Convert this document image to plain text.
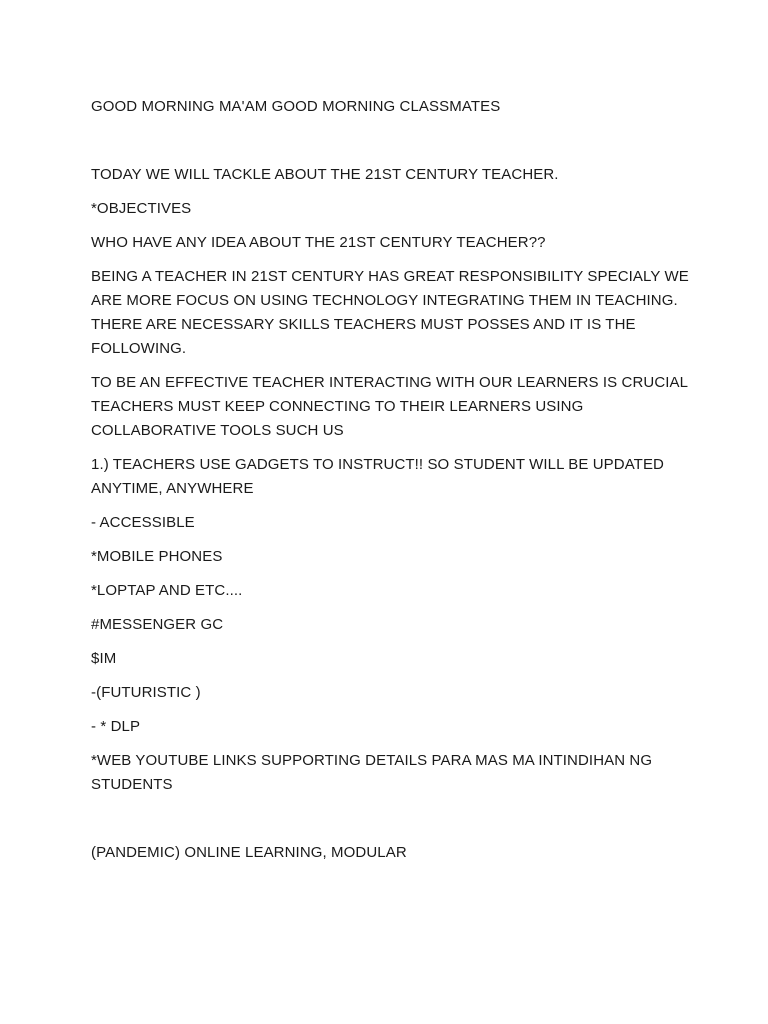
GOOD MORNING MA'AM GOOD MORNING CLASSMATES

TODAY WE WILL TACKLE ABOUT THE 21ST CENTURY TEACHER.

*OBJECTIVES

WHO HAVE ANY IDEA ABOUT THE 21ST CENTURY TEACHER??

BEING A TEACHER IN 21ST CENTURY HAS GREAT RESPONSIBILITY SPECIALY WE ARE MORE FOCUS ON USING TECHNOLOGY INTEGRATING THEM IN TEACHING. THERE ARE NECESSARY SKILLS TEACHERS MUST POSSES AND IT IS THE FOLLOWING.

TO BE AN EFFECTIVE TEACHER INTERACTING WITH OUR LEARNERS IS CRUCIAL TEACHERS MUST KEEP CONNECTING TO THEIR LEARNERS USING COLLABORATIVE TOOLS SUCH US

1.) TEACHERS USE GADGETS TO INSTRUCT!! SO STUDENT WILL BE UPDATED ANYTIME, ANYWHERE

- ACCESSIBLE

*MOBILE PHONES

*LOPTAP AND ETC....

#MESSENGER GC

$IM

-(FUTURISTIC )

- * DLP

*WEB YOUTUBE LINKS SUPPORTING DETAILS PARA MAS MA INTINDIHAN NG STUDENTS

(PANDEMIC) ONLINE LEARNING, MODULAR
